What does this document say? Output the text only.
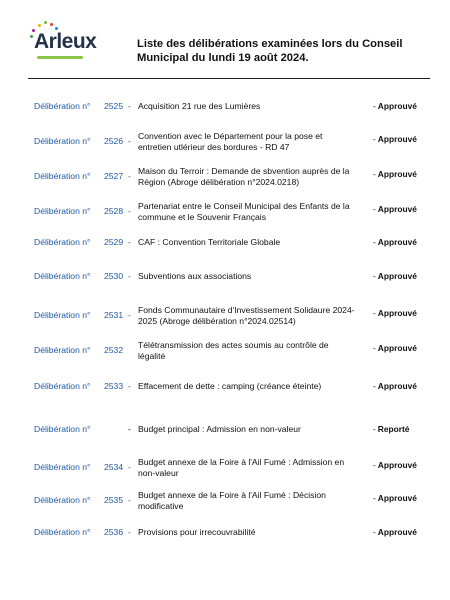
Arleux	Liste des délibérations examinées lors du Conseil
Municipal du lundi 19 août 2024.
Délibération n° 2525 - Acquisition 21 rue des Lumières	- Approuvé
Délibération n° 2526 - Convention avec le Département pour la pose et
entretien utlérieur des bordures - RD 47
- Approuvé
Délibération n° 2527 - Maison du Terroir : Demande de sbvention auprès de la
Région (Abroge délibération n°2024.0218)
- Approuvé
Délibération n° 2528 - Partenariat entre le Conseil Municipal des Enfants de la
commune et le Souvenir Français
- Approuvé
Délibération n° 2529 - CAF : Convention Territoriale Globale	- Approuvé
Délibération n° 2530 - Subventions aux associations	- Approuvé
Délibération n° 2531 - Fonds Communautaire d'Investissement Solidaure 2024-
2025 (Abroge délibération n°2024.02514)
- Approuvé
Délibération n° 2532 Télétransmission des actes soumis au contrôle de
légalité
- Approuvé
Délibération n° 2533 - Effacement de dette : camping (créance éteinte)	- Approuvé
Délibération n°	- Budget principal : Admission en non-valeur	- Reporté
Délibération n° 2534 - Budget annexe de la Foire à l'Ail Fumé : Admission en
non-valeur
- Approuvé
Délibération n° 2535 - Budget annexe de la Foire à l'Ail Fumé : Décision
modificative
- Approuvé
Délibération n° 2536 - Provisions pour irrecouvrabilité	- Approuvé
